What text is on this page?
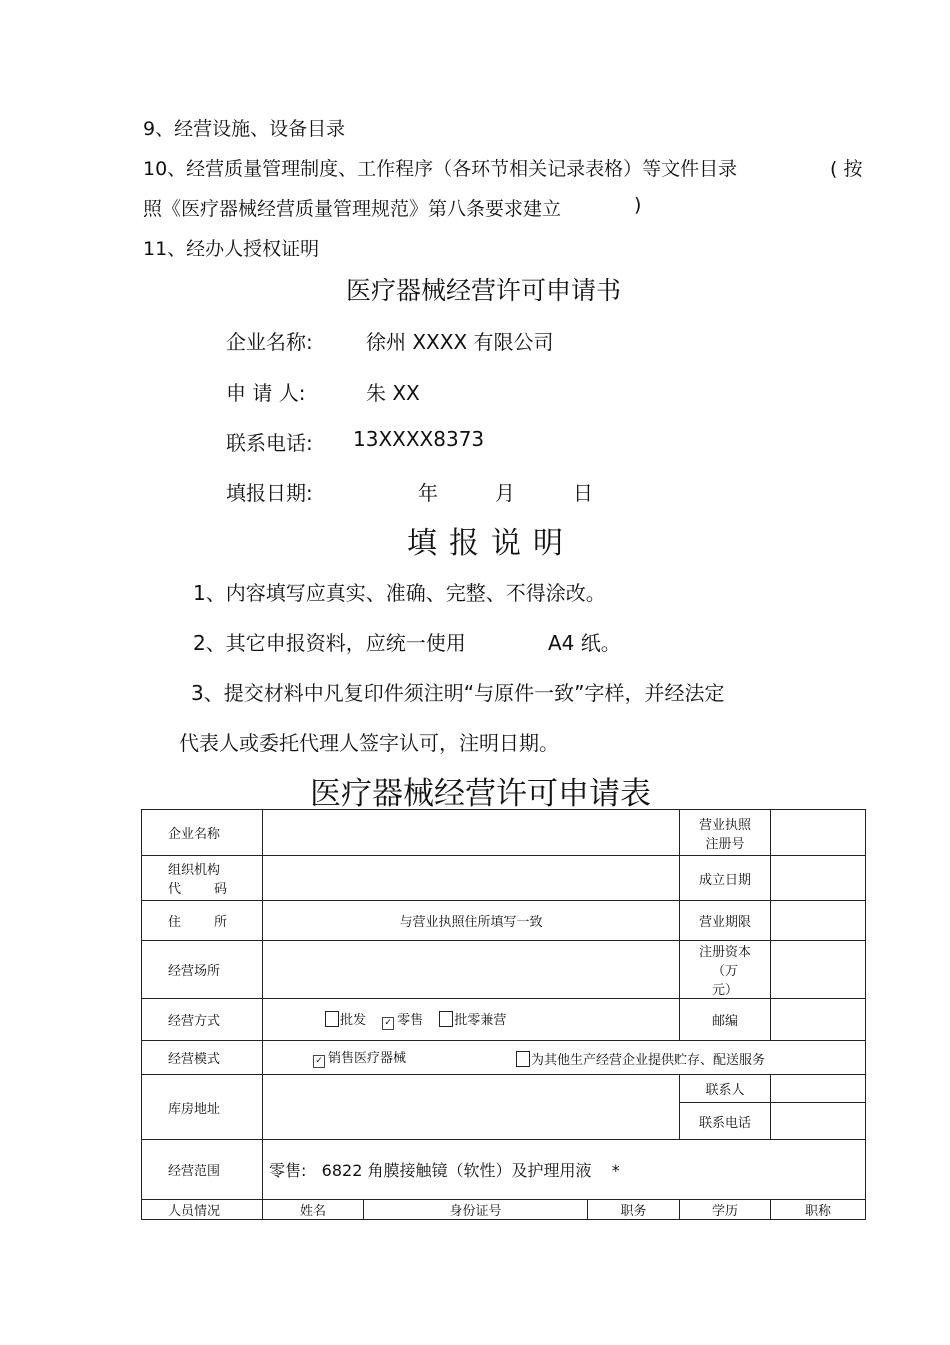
9、经营设施、设备目录
10、经营质量管理制度、工作程序（各环节相关记录表格）等文件目录	( 按
照《医疗器械经营质量管理规范》第八条要求建立	)
11、经办人授权证明
医疗器械经营许可申请书
企业名称:	徐州 XXXX 有限公司
申 请 人:	朱 XX
联系电话: 13XXXX8373
填报日期:	年	月	日
填报说明
1、内容填写应真实、准确、完整、不得涂改。
2、其它申报资料，应统一使用	A4 纸。
3、提交材料中凡复印件须注明“与原件一致”字样，并经法定
代表人或委托代理人签字认可，注明日期。
医疗器械经营许可申请表
企业名称				营业执照
注册号	

组织机构
代        码				成立日期	
住        所	与营业执照住所填写一致			营业期限	
经营场所				注册资本 （万
元）	

经营方式	批发 ✓ 零售 批零兼营			邮编	
经营模式	✓ 销售医疗器械 为其他生产经营企业提供贮存、配送服务				

库房地址				联系人	
				联系电话	
经营范围	零售:   6822 角膜接触镜（软性）及护理用液    *				
人员情况	姓名	身份证号	职务	学历	职称
